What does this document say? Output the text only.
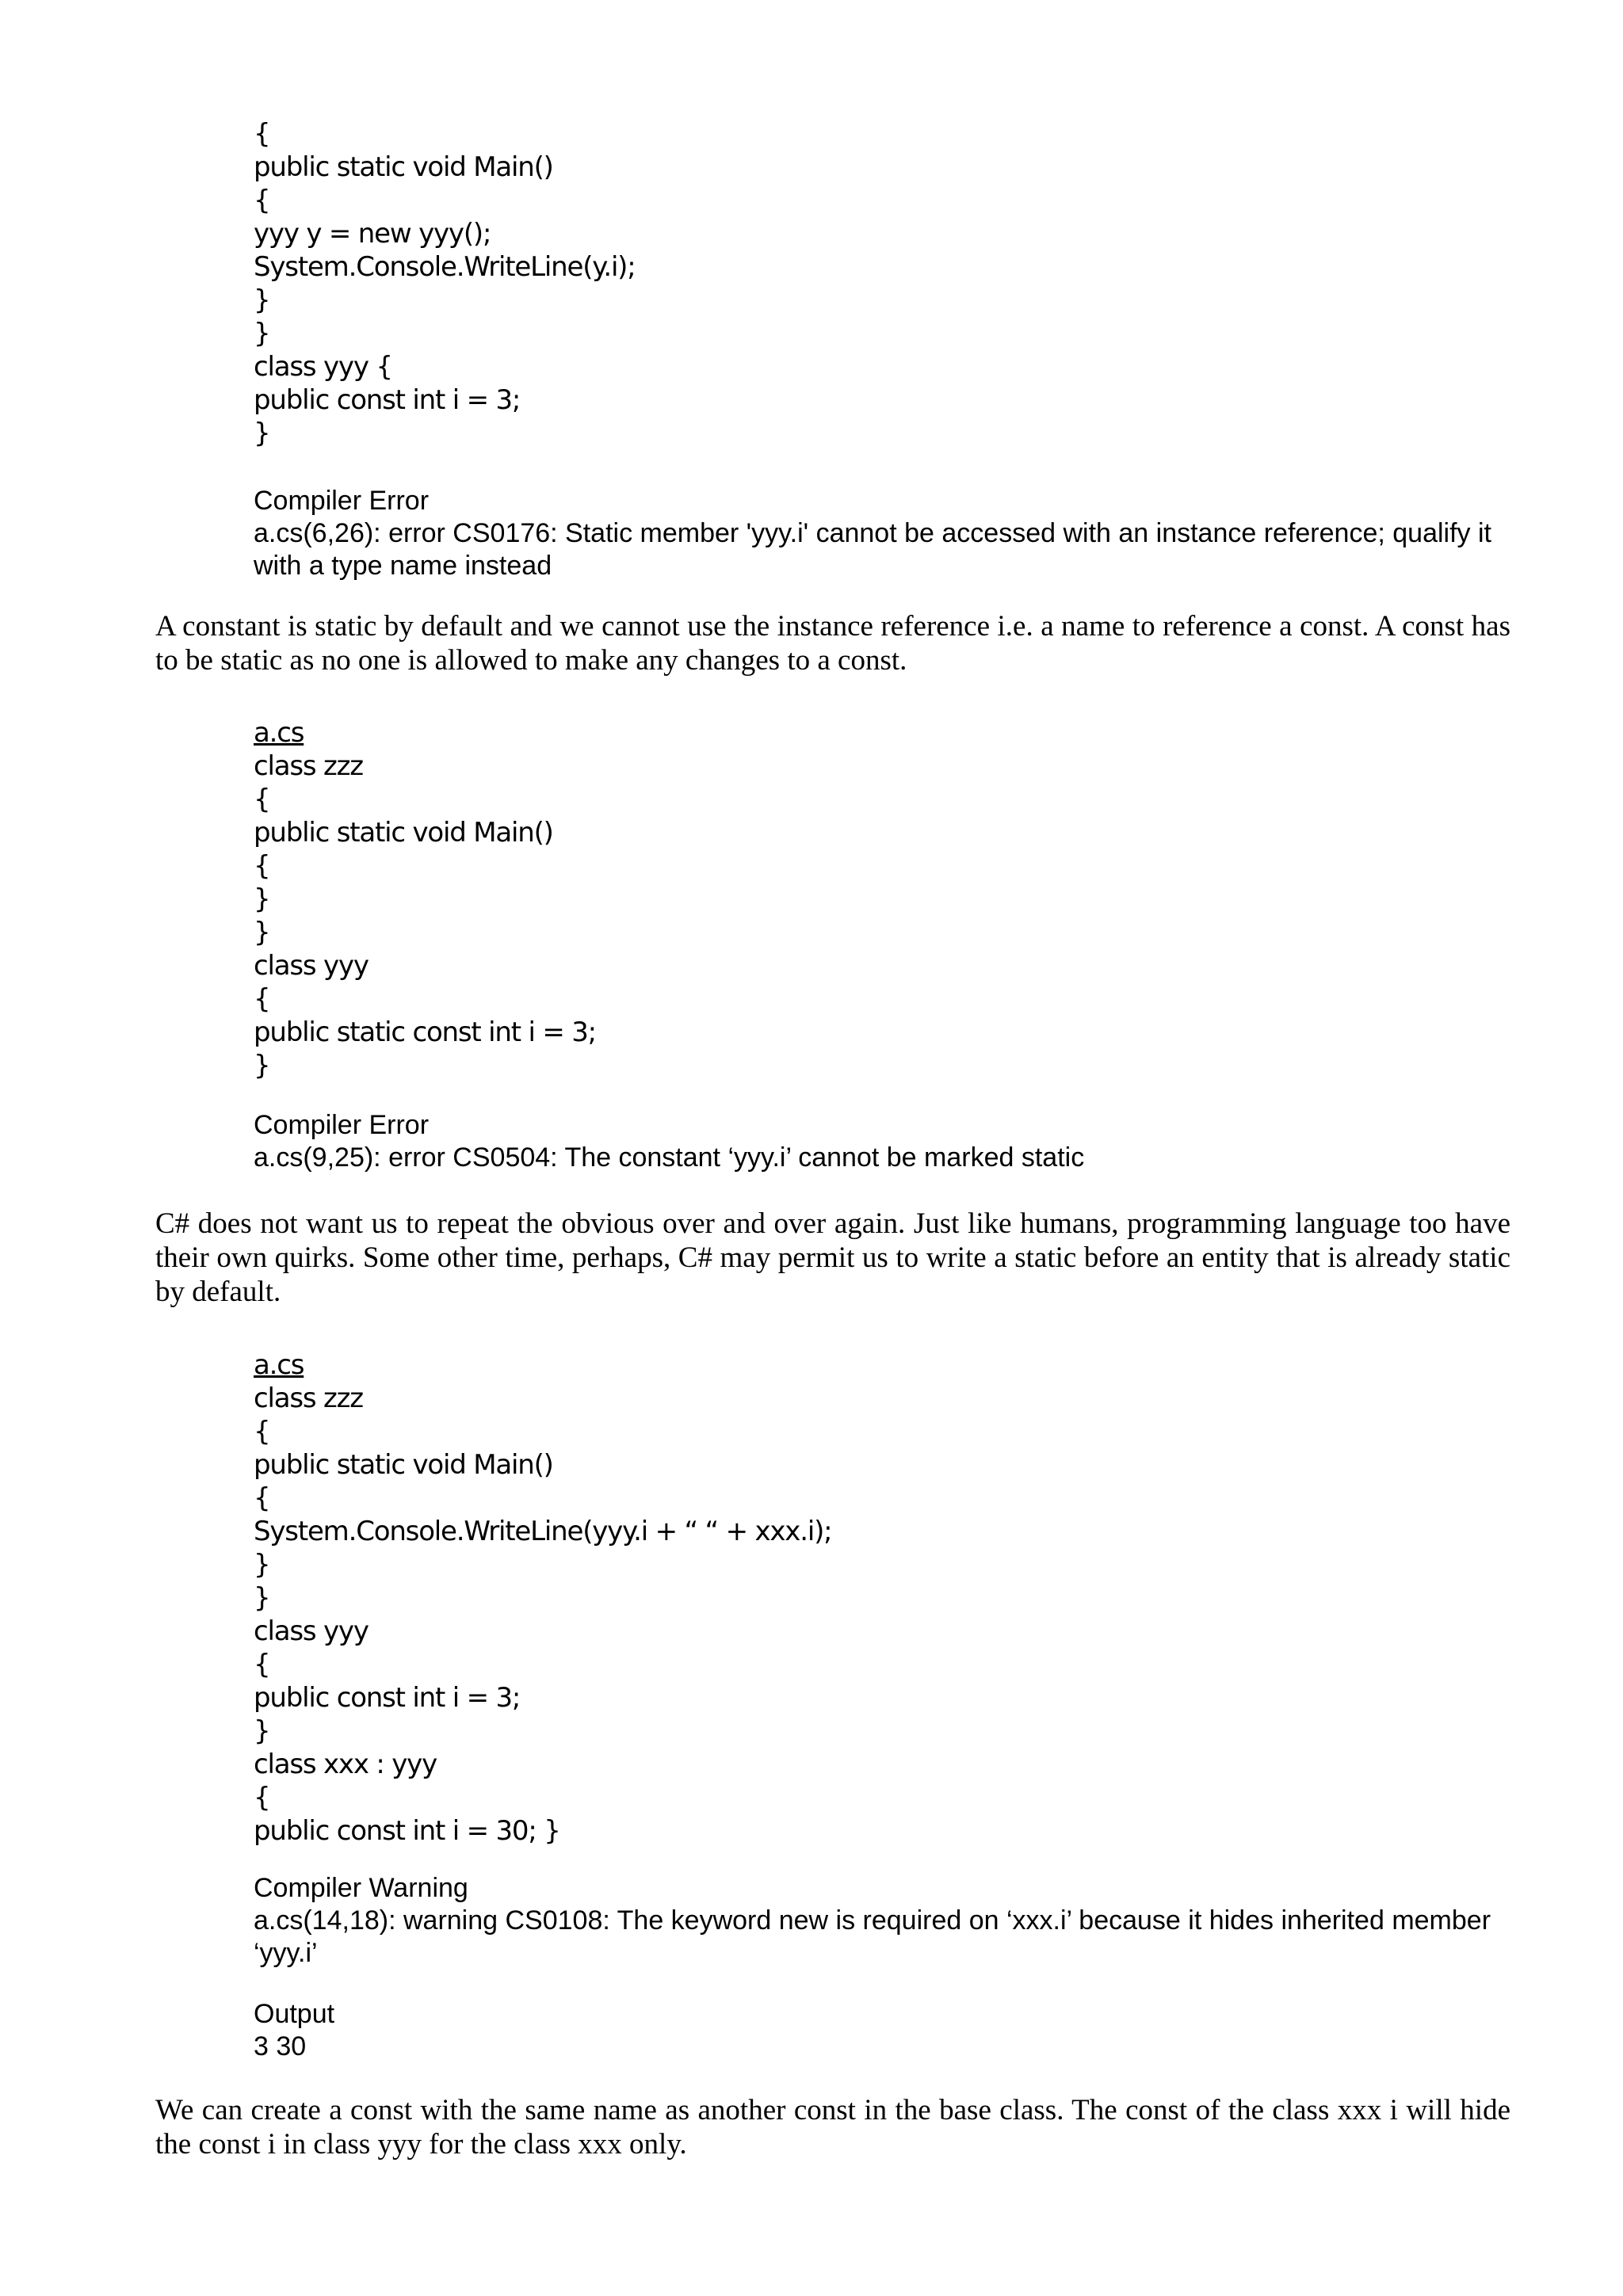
{
public static void Main()
{
yyy y = new yyy();
System.Console.WriteLine(y.i);
}
}
class yyy {
public const int i = 3;
}
Compiler Error
a.cs(6,26): error CS0176: Static member 'yyy.i' cannot be accessed with an instance reference; qualify it with a type name instead
A constant is static by default and we cannot use the instance reference i.e. a name to reference a const. A const has to be static as no one is allowed to make any changes to a const.
a.cs
class zzz
{
public static void Main()
{
}
}
class yyy
{
public static const int i = 3;
}
Compiler Error
a.cs(9,25): error CS0504: The constant ‘yyy.i’ cannot be marked static
C# does not want us to repeat the obvious over and over again. Just like humans, programming language too have their own quirks. Some other time, perhaps, C# may permit us to write a static before an entity that is already static by default.
a.cs
class zzz
{
public static void Main()
{
System.Console.WriteLine(yyy.i + “ “ + xxx.i);
}
}
class yyy
{
public const int i = 3;
}
class xxx : yyy
{
public const int i = 30; }
Compiler Warning
a.cs(14,18): warning CS0108: The keyword new is required on ‘xxx.i’ because it hides inherited member ‘yyy.i’
Output
3 30
We can create a const with the same name as another const in the base class. The const of the class xxx i will hide the const i in class yyy for the class xxx only.
